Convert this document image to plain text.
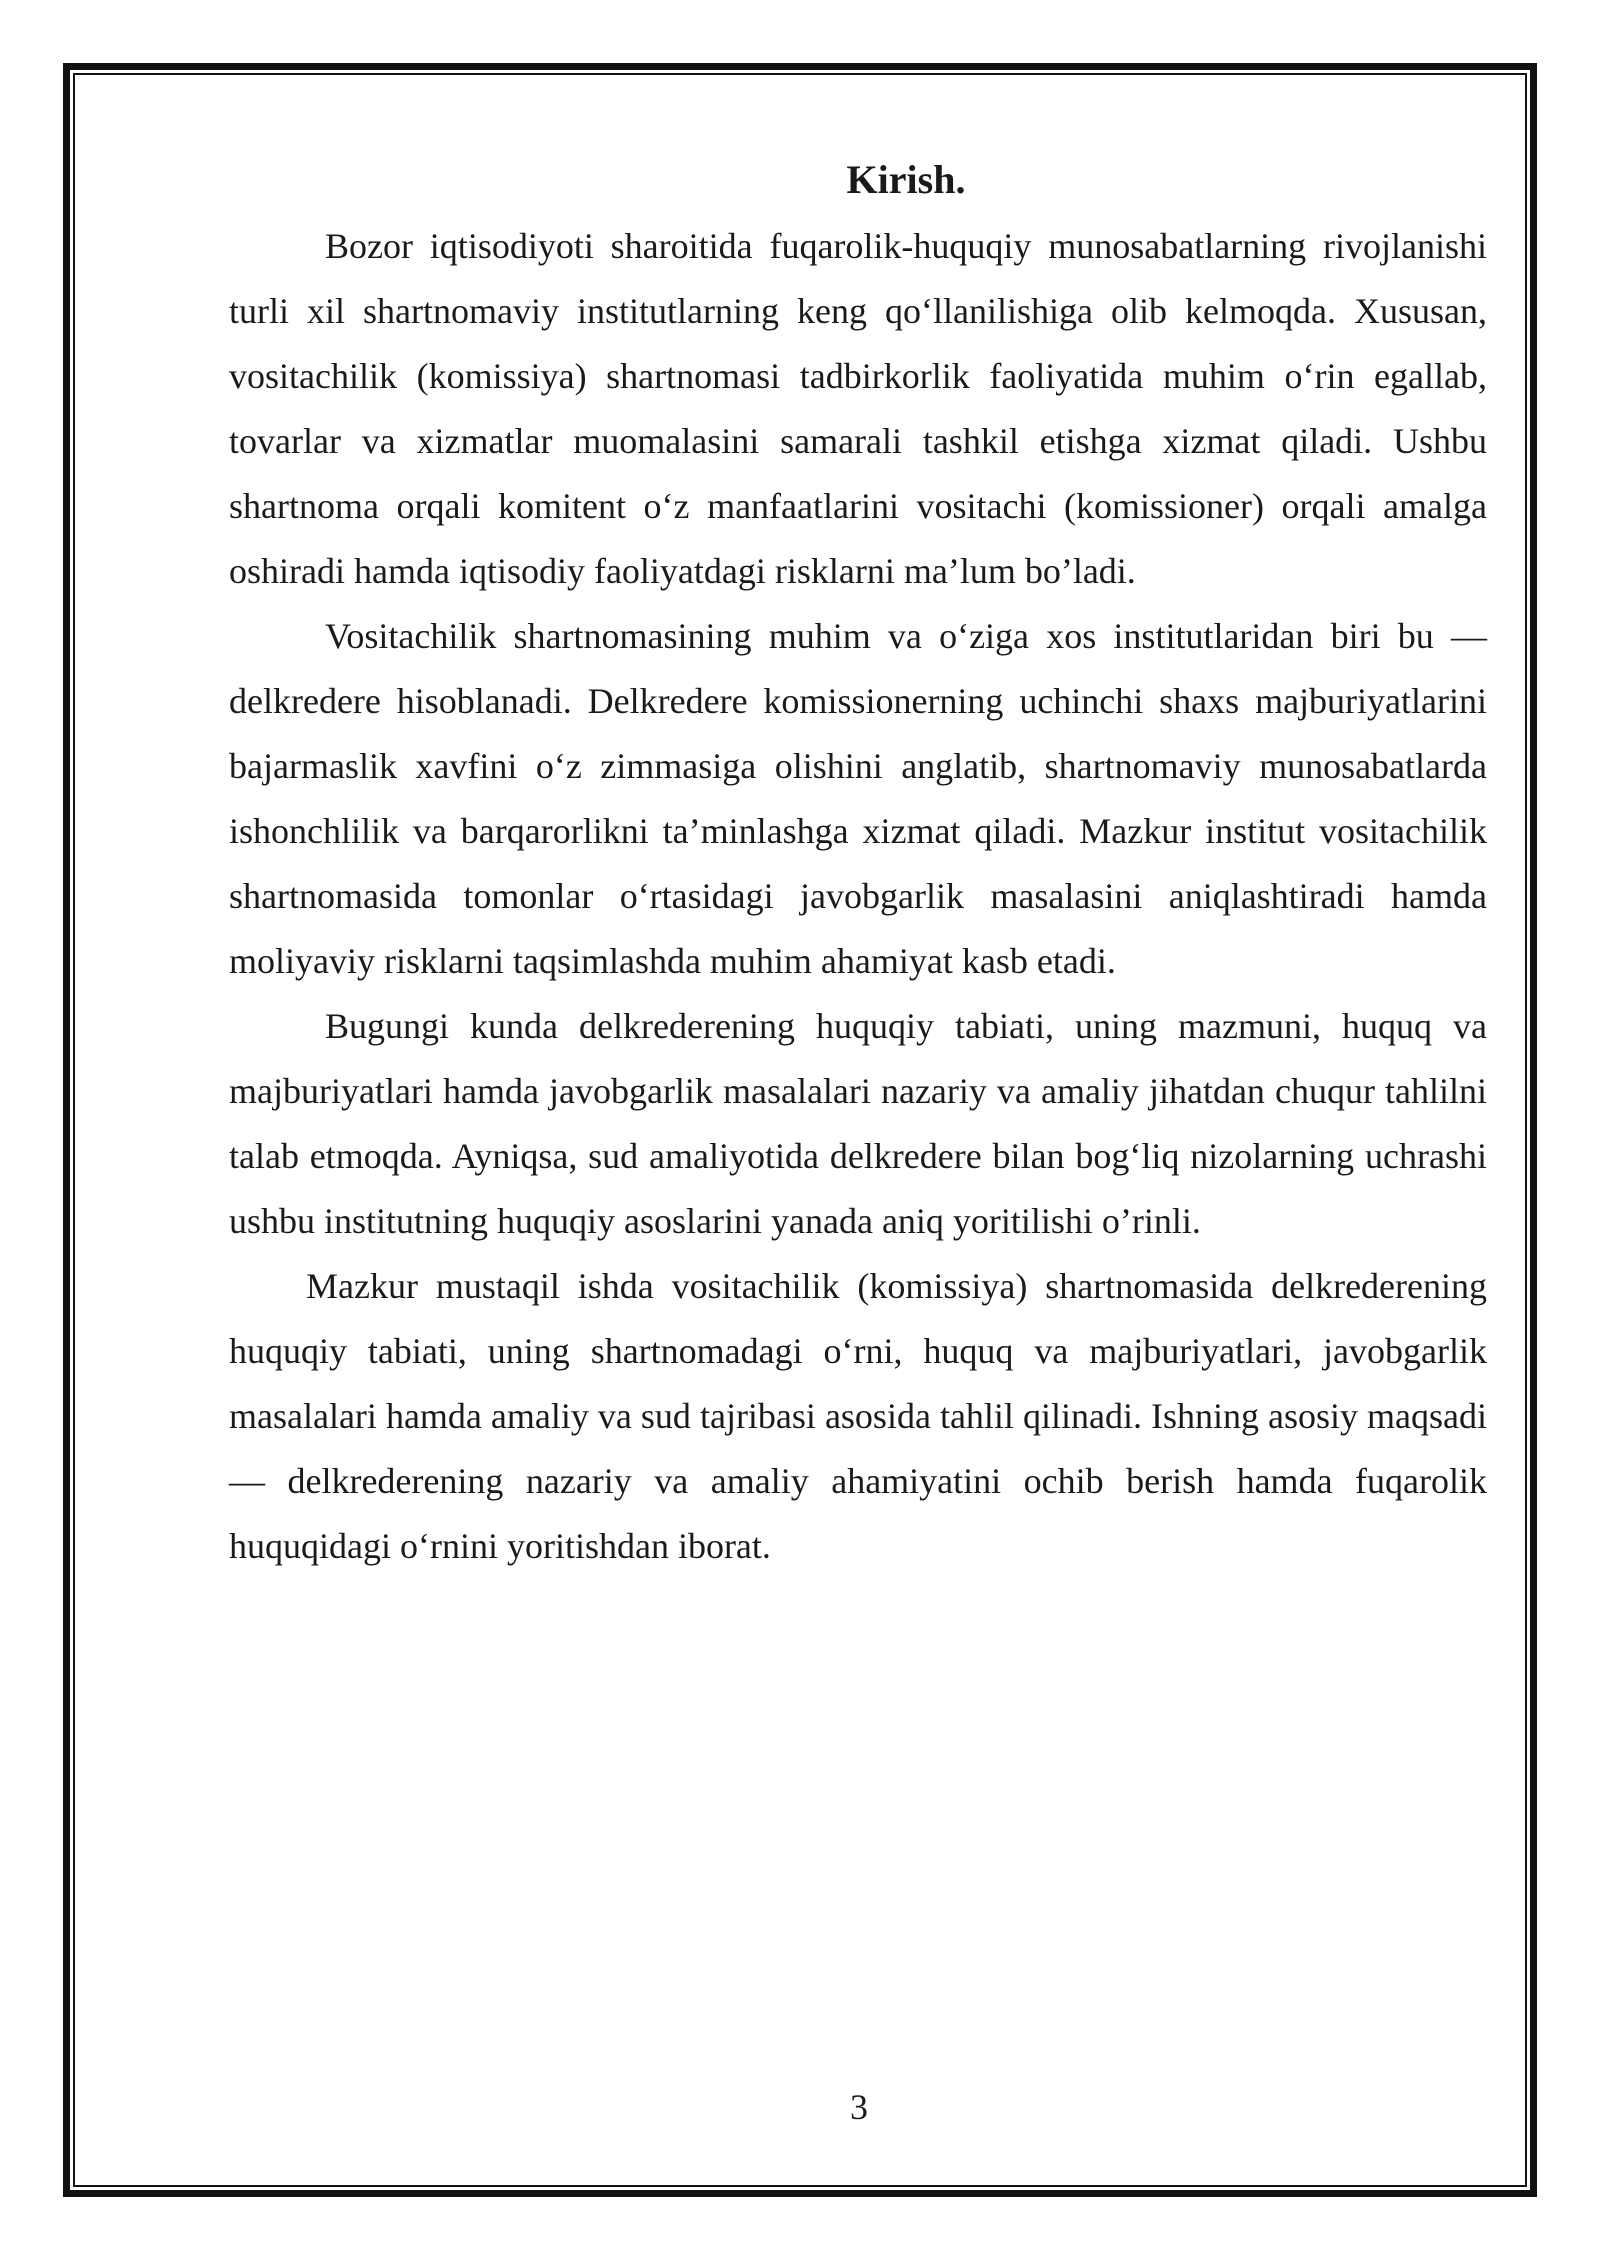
Kirish.

Bozor iqtisodiyoti sharoitida fuqarolik-huquqiy munosabatlarning rivojlanishi turli xil shartnomaviy institutlarning keng qo‘llanilishiga olib kelmoqda. Xususan, vositachilik (komissiya) shartnomasi tadbirkorlik faoliyatida muhim o‘rin egallab, tovarlar va xizmatlar muomalasini samarali tashkil etishga xizmat qiladi. Ushbu shartnoma orqali komitent o‘z manfaatlarini vositachi (komissioner) orqali amalga oshiradi hamda iqtisodiy faoliyatdagi risklarni ma’lum bo’ladi.

Vositachilik shartnomasining muhim va o‘ziga xos institutlaridan biri bu — delkredere hisoblanadi. Delkredere komissionerning uchinchi shaxs majburiyatlarini bajarmaslik xavfini o‘z zimmasiga olishini anglatib, shartnomaviy munosabatlarda ishonchlilik va barqarorlikni ta’minlashga xizmat qiladi. Mazkur institut vositachilik shartnomasida tomonlar o‘rtasidagi javobgarlik masalasini aniqlashtiradi hamda moliyaviy risklarni taqsimlashda muhim ahamiyat kasb etadi.

Bugungi kunda delkrederening huquqiy tabiati, uning mazmuni, huquq va majburiyatlari hamda javobgarlik masalalari nazariy va amaliy jihatdan chuqur tahlilni talab etmoqda. Ayniqsa, sud amaliyotida delkredere bilan bog‘liq nizolarning uchrashi ushbu institutning huquqiy asoslarini yanada aniq yoritilishi o’rinli.

Mazkur mustaqil ishda vositachilik (komissiya) shartnomasida delkrederening huquqiy tabiati, uning shartnomadagi o‘rni, huquq va majburiyatlari, javobgarlik masalalari hamda amaliy va sud tajribasi asosida tahlil qilinadi. Ishning asosiy maqsadi — delkrederening nazariy va amaliy ahamiyatini ochib berish hamda fuqarolik huquqidagi o‘rnini yoritishdan iborat.

3
